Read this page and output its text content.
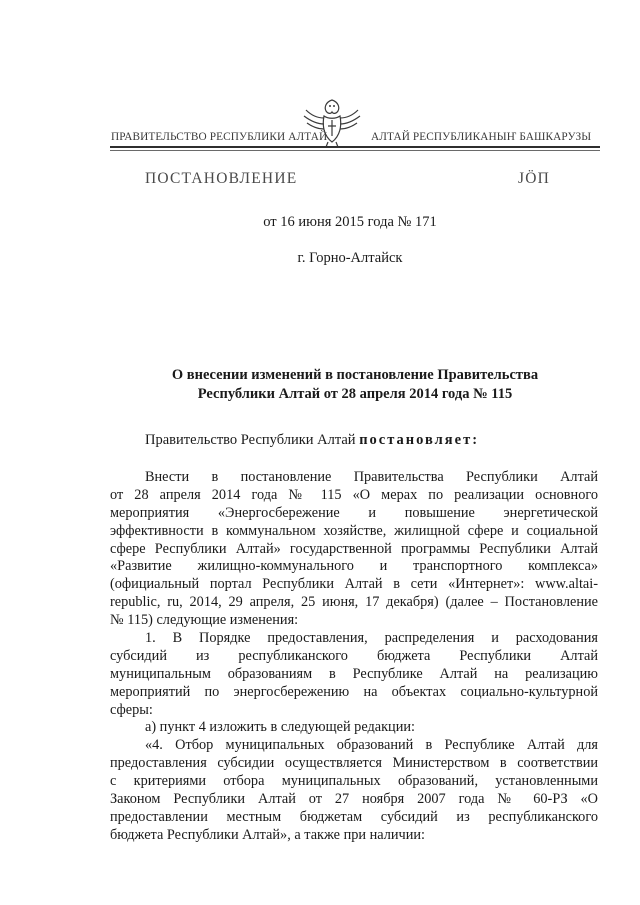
ПРАВИТЕЛЬСТВО РЕСПУБЛИКИ АЛТАЙ	АЛТАЙ РЕСПУБЛИКАНЫҤ БАШКАРУЗЫ
ПОСТАНОВЛЕНИЕ	JÖП
от 16 июня 2015 года № 171
г. Горно-Алтайск
О внесении изменений в постановление Правительства
Республики Алтай от 28 апреля 2014 года № 115
Правительство Республики Алтай постановляет:
Внести в постановление Правительства Республики Алтай
от 28 апреля 2014 года № 115 «О мерах по реализации основного
мероприятия «Энергосбережение и повышение энергетической
эффективности в коммунальном хозяйстве, жилищной сфере и социальной
сфере Республики Алтай» государственной программы Республики Алтай
«Развитие жилищно-коммунального и транспортного комплекса»
(официальный портал Республики Алтай в сети «Интернет»: www.altai-
republic, ru, 2014, 29 апреля, 25 июня, 17 декабря) (далее – Постановление
№ 115) следующие изменения:
1. В Порядке предоставления, распределения и расходования
субсидий из республиканского бюджета Республики Алтай
муниципальным образованиям в Республике Алтай на реализацию
мероприятий по энергосбережению на объектах социально-культурной
сферы:
а) пункт 4 изложить в следующей редакции:
«4. Отбор муниципальных образований в Республике Алтай для
предоставления субсидии осуществляется Министерством в соответствии
с критериями отбора муниципальных образований, установленными
Законом Республики Алтай от 27 ноября 2007 года № 60-РЗ «О
предоставлении местным бюджетам субсидий из республиканского
бюджета Республики Алтай», а также при наличии:
